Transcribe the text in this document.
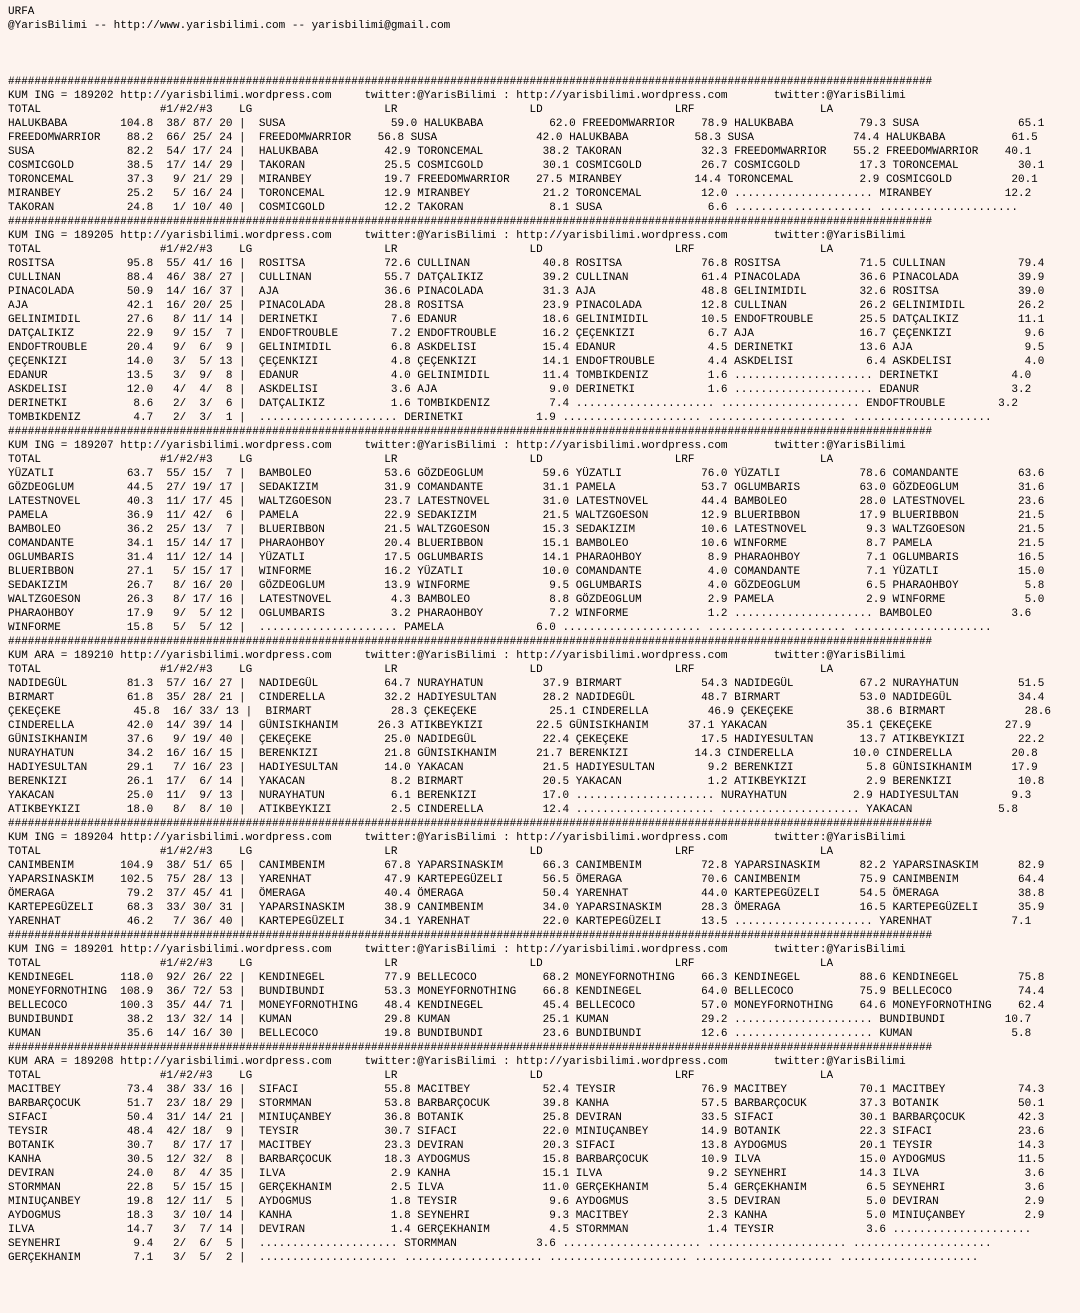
URFA
@YarisBilimi -- http://www.yarisbilimi.com -- yarisbilimi@gmail.com

############################################################################################################################################
KUM ING = 189202 http://yarisbilimi.wordpress.com     twitter:@YarisBilimi : http://yarisbilimi.wordpress.com       twitter:@YarisBilimi
TOTAL                  #1/#2/#3    LG                    LR                    LD                    LRF                   LA
HALUKBABA        104.8  38/ 87/ 20 |  SUSA                59.0 HALUKBABA          62.0 FREEDOMWARRIOR    78.9 HALUKBABA          79.3 SUSA               65.1
FREEDOMWARRIOR    88.2  66/ 25/ 24 |  FREEDOMWARRIOR    56.8 SUSA               42.0 HALUKBABA          58.3 SUSA               74.4 HALUKBABA          61.5
SUSA              82.2  54/ 17/ 24 |  HALUKBABA          42.9 TORONCEMAL         38.2 TAKORAN            32.3 FREEDOMWARRIOR    55.2 FREEDOMWARRIOR    40.1
COSMICGOLD        38.5  17/ 14/ 29 |  TAKORAN            25.5 COSMICGOLD         30.1 COSMICGOLD         26.7 COSMICGOLD         17.3 TORONCEMAL         30.1
TORONCEMAL        37.3   9/ 21/ 29 |  MIRANBEY           19.7 FREEDOMWARRIOR    27.5 MIRANBEY           14.4 TORONCEMAL          2.9 COSMICGOLD         20.1
MIRANBEY          25.2   5/ 16/ 24 |  TORONCEMAL         12.9 MIRANBEY           21.2 TORONCEMAL         12.0 ..................... MIRANBEY           12.2
TAKORAN           24.8   1/ 10/ 40 |  COSMICGOLD         12.2 TAKORAN             8.1 SUSA                6.6 ..................... .....................
############################################################################################################################################
KUM ING = 189205 http://yarisbilimi.wordpress.com     twitter:@YarisBilimi : http://yarisbilimi.wordpress.com       twitter:@YarisBilimi
TOTAL                  #1/#2/#3    LG                    LR                    LD                    LRF                   LA
ROSITSA           95.8  55/ 41/ 16 |  ROSITSA            72.6 CULLINAN           40.8 ROSITSA            76.8 ROSITSA            71.5 CULLINAN           79.4
CULLINAN          88.4  46/ 38/ 27 |  CULLINAN           55.7 DATÇALIKIZ         39.2 CULLINAN           61.4 PINACOLADA         36.6 PINACOLADA         39.9
PINACOLADA        50.9  14/ 16/ 37 |  AJA                36.6 PINACOLADA         31.3 AJA                48.8 GELINIMIDIL        32.6 ROSITSA            39.0
AJA               42.1  16/ 20/ 25 |  PINACOLADA         28.8 ROSITSA            23.9 PINACOLADA         12.8 CULLINAN           26.2 GELINIMIDIL        26.2
GELINIMIDIL       27.6   8/ 11/ 14 |  DERINETKI           7.6 EDANUR             18.6 GELINIMIDIL        10.5 ENDOFTROUBLE       25.5 DATÇALIKIZ         11.1
DATÇALIKIZ        22.9   9/ 15/  7 |  ENDOFTROUBLE        7.2 ENDOFTROUBLE       16.2 ÇEÇENKIZI           6.7 AJA                16.7 ÇEÇENKIZI           9.6
ENDOFTROUBLE      20.4   9/  6/  9 |  GELINIMIDIL         6.8 ASKDELISI          15.4 EDANUR              4.5 DERINETKI          13.6 AJA                 9.5
ÇEÇENKIZI         14.0   3/  5/ 13 |  ÇEÇENKIZI           4.8 ÇEÇENKIZI          14.1 ENDOFTROUBLE        4.4 ASKDELISI           6.4 ASKDELISI           4.0
EDANUR            13.5   3/  9/  8 |  EDANUR              4.0 GELINIMIDIL        11.4 TOMBIKDENIZ         1.6 ..................... DERINETKI           4.0
ASKDELISI         12.0   4/  4/  8 |  ASKDELISI           3.6 AJA                 9.0 DERINETKI           1.6 ..................... EDANUR              3.2
DERINETKI          8.6   2/  3/  6 |  DATÇALIKIZ          1.6 TOMBIKDENIZ         7.4 ..................... ..................... ENDOFTROUBLE        3.2
TOMBIKDENIZ        4.7   2/  3/  1 |  ..................... DERINETKI           1.9 ..................... ..................... .....................
############################################################################################################################################
KUM ING = 189207 http://yarisbilimi.wordpress.com     twitter:@YarisBilimi : http://yarisbilimi.wordpress.com       twitter:@YarisBilimi
TOTAL                  #1/#2/#3    LG                    LR                    LD                    LRF                   LA
YÜZATLI           63.7  55/ 15/  7 |  BAMBOLEO           53.6 GÖZDEOGLUM         59.6 YÜZATLI            76.0 YÜZATLI            78.6 COMANDANTE         63.6
GÖZDEOGLUM        44.5  27/ 19/ 17 |  SEDAKIZIM          31.9 COMANDANTE         31.1 PAMELA             53.7 OGLUMBARIS         63.0 GÖZDEOGLUM         31.6
LATESTNOVEL       40.3  11/ 17/ 45 |  WALTZGOESON        23.7 LATESTNOVEL        31.0 LATESTNOVEL        44.4 BAMBOLEO           28.0 LATESTNOVEL        23.6
PAMELA            36.9  11/ 42/  6 |  PAMELA             22.9 SEDAKIZIM          21.5 WALTZGOESON        12.9 BLUERIBBON         17.9 BLUERIBBON         21.5
BAMBOLEO          36.2  25/ 13/  7 |  BLUERIBBON         21.5 WALTZGOESON        15.3 SEDAKIZIM          10.6 LATESTNOVEL         9.3 WALTZGOESON        21.5
COMANDANTE        34.1  15/ 14/ 17 |  PHARAOHBOY         20.4 BLUERIBBON         15.1 BAMBOLEO           10.6 WINFORME            8.7 PAMELA             21.5
OGLUMBARIS        31.4  11/ 12/ 14 |  YÜZATLI            17.5 OGLUMBARIS         14.1 PHARAOHBOY          8.9 PHARAOHBOY          7.1 OGLUMBARIS         16.5
BLUERIBBON        27.1   5/ 15/ 17 |  WINFORME           16.2 YÜZATLI            10.0 COMANDANTE          4.0 COMANDANTE          7.1 YÜZATLI            15.0
SEDAKIZIM         26.7   8/ 16/ 20 |  GÖZDEOGLUM         13.9 WINFORME            9.5 OGLUMBARIS          4.0 GÖZDEOGLUM          6.5 PHARAOHBOY          5.8
WALTZGOESON       26.3   8/ 17/ 16 |  LATESTNOVEL         4.3 BAMBOLEO            8.8 GÖZDEOGLUM          2.9 PAMELA              2.9 WINFORME            5.0
PHARAOHBOY        17.9   9/  5/ 12 |  OGLUMBARIS          3.2 PHARAOHBOY          7.2 WINFORME            1.2 ..................... BAMBOLEO            3.6
WINFORME          15.8   5/  5/ 12 |  ..................... PAMELA              6.0 ..................... ..................... .....................
############################################################################################################################################
KUM ARA = 189210 http://yarisbilimi.wordpress.com     twitter:@YarisBilimi : http://yarisbilimi.wordpress.com       twitter:@YarisBilimi
TOTAL                  #1/#2/#3    LG                    LR                    LD                    LRF                   LA
NADIDEGÜL         81.3  57/ 16/ 27 |  NADIDEGÜL          64.7 NURAYHATUN         37.9 BIRMART            54.3 NADIDEGÜL          67.2 NURAYHATUN         51.5
BIRMART           61.8  35/ 28/ 21 |  CINDERELLA         32.2 HADIYESULTAN       28.2 NADIDEGÜL          48.7 BIRMART            53.0 NADIDEGÜL          34.4
ÇEKEÇEKE           45.8  16/ 33/ 13 |  BIRMART            28.3 ÇEKEÇEKE           25.1 CINDERELLA         46.9 ÇEKEÇEKE           38.6 BIRMART            28.6
CINDERELLA        42.0  14/ 39/ 14 |  GÜNISIKHANIM      26.3 ATIKBEYKIZI        22.5 GÜNISIKHANIM      37.1 YAKACAN            35.1 ÇEKEÇEKE           27.9
GÜNISIKHANIM      37.6   9/ 19/ 40 |  ÇEKEÇEKE           25.0 NADIDEGÜL          22.4 ÇEKEÇEKE           17.5 HADIYESULTAN       13.7 ATIKBEYKIZI        22.2
NURAYHATUN        34.2  16/ 16/ 15 |  BERENKIZI          21.8 GÜNISIKHANIM      21.7 BERENKIZI          14.3 CINDERELLA         10.0 CINDERELLA         20.8
HADIYESULTAN      29.1   7/ 16/ 23 |  HADIYESULTAN       14.0 YAKACAN            21.5 HADIYESULTAN        9.2 BERENKIZI           5.8 GÜNISIKHANIM      17.9
BERENKIZI         26.1  17/  6/ 14 |  YAKACAN             8.2 BIRMART            20.5 YAKACAN             1.2 ATIKBEYKIZI         2.9 BERENKIZI          10.8
YAKACAN           25.0  11/  9/ 13 |  NURAYHATUN          6.1 BERENKIZI          17.0 ..................... NURAYHATUN          2.9 HADIYESULTAN        9.3
ATIKBEYKIZI       18.0   8/  8/ 10 |  ATIKBEYKIZI         2.5 CINDERELLA         12.4 ..................... ..................... YAKACAN             5.8
############################################################################################################################################
KUM ING = 189204 http://yarisbilimi.wordpress.com     twitter:@YarisBilimi : http://yarisbilimi.wordpress.com       twitter:@YarisBilimi
TOTAL                  #1/#2/#3    LG                    LR                    LD                    LRF                   LA
CANIMBENIM       104.9  38/ 51/ 65 |  CANIMBENIM         67.8 YAPARSINASKIM      66.3 CANIMBENIM         72.8 YAPARSINASKIM      82.2 YAPARSINASKIM      82.9
YAPARSINASKIM    102.5  75/ 28/ 13 |  YARENHAT           47.9 KARTEPEGÜZELI      56.5 ÖMERAGA            70.6 CANIMBENIM         75.9 CANIMBENIM         64.4
ÖMERAGA           79.2  37/ 45/ 41 |  ÖMERAGA            40.4 ÖMERAGA            50.4 YARENHAT           44.0 KARTEPEGÜZELI      54.5 ÖMERAGA            38.8
KARTEPEGÜZELI     68.3  33/ 30/ 31 |  YAPARSINASKIM      38.9 CANIMBENIM         34.0 YAPARSINASKIM      28.3 ÖMERAGA            16.5 KARTEPEGÜZELI      35.9
YARENHAT          46.2   7/ 36/ 40 |  KARTEPEGÜZELI      34.1 YARENHAT           22.0 KARTEPEGÜZELI      13.5 ..................... YARENHAT            7.1
############################################################################################################################################
KUM ING = 189201 http://yarisbilimi.wordpress.com     twitter:@YarisBilimi : http://yarisbilimi.wordpress.com       twitter:@YarisBilimi
TOTAL                  #1/#2/#3    LG                    LR                    LD                    LRF                   LA
KENDINEGEL       118.0  92/ 26/ 22 |  KENDINEGEL         77.9 BELLECOCO          68.2 MONEYFORNOTHING    66.3 KENDINEGEL         88.6 KENDINEGEL         75.8
MONEYFORNOTHING  108.9  36/ 72/ 53 |  BUNDIBUNDI         53.3 MONEYFORNOTHING    66.8 KENDINEGEL         64.0 BELLECOCO          75.9 BELLECOCO          74.4
BELLECOCO        100.3  35/ 44/ 71 |  MONEYFORNOTHING    48.4 KENDINEGEL         45.4 BELLECOCO          57.0 MONEYFORNOTHING    64.6 MONEYFORNOTHING    62.4
BUNDIBUNDI        38.2  13/ 32/ 14 |  KUMAN              29.8 KUMAN              25.1 KUMAN              29.2 ..................... BUNDIBUNDI         10.7
KUMAN             35.6  14/ 16/ 30 |  BELLECOCO          19.8 BUNDIBUNDI         23.6 BUNDIBUNDI         12.6 ..................... KUMAN               5.8
############################################################################################################################################
KUM ARA = 189208 http://yarisbilimi.wordpress.com     twitter:@YarisBilimi : http://yarisbilimi.wordpress.com       twitter:@YarisBilimi
TOTAL                  #1/#2/#3    LG                    LR                    LD                    LRF                   LA
MACITBEY          73.4  38/ 33/ 16 |  SIFACI             55.8 MACITBEY           52.4 TEYSIR             76.9 MACITBEY           70.1 MACITBEY           74.3
BARBARÇOCUK       51.7  23/ 18/ 29 |  STORMMAN           53.8 BARBARÇOCUK        39.8 KANHA              57.5 BARBARÇOCUK        37.3 BOTANIK            50.1
SIFACI            50.4  31/ 14/ 21 |  MINIUÇANBEY        36.8 BOTANIK            25.8 DEVIRAN            33.5 SIFACI             30.1 BARBARÇOCUK        42.3
TEYSIR            48.4  42/ 18/  9 |  TEYSIR             30.7 SIFACI             22.0 MINIUÇANBEY        14.9 BOTANIK            22.3 SIFACI             23.6
BOTANIK           30.7   8/ 17/ 17 |  MACITBEY           23.3 DEVIRAN            20.3 SIFACI             13.8 AYDOGMUS           20.1 TEYSIR             14.3
KANHA             30.5  12/ 32/  8 |  BARBARÇOCUK        18.3 AYDOGMUS           15.8 BARBARÇOCUK        10.9 ILVA               15.0 AYDOGMUS           11.5
DEVIRAN           24.0   8/  4/ 35 |  ILVA                2.9 KANHA              15.1 ILVA                9.2 SEYNEHRI           14.3 ILVA                3.6
STORMMAN          22.8   5/ 15/ 15 |  GERÇEKHANIM         2.5 ILVA               11.0 GERÇEKHANIM         5.4 GERÇEKHANIM         6.5 SEYNEHRI            3.6
MINIUÇANBEY       19.8  12/ 11/  5 |  AYDOGMUS            1.8 TEYSIR              9.6 AYDOGMUS            3.5 DEVIRAN             5.0 DEVIRAN             2.9
AYDOGMUS          18.3   3/ 10/ 14 |  KANHA               1.8 SEYNEHRI            9.3 MACITBEY            2.3 KANHA               5.0 MINIUÇANBEY         2.9
ILVA              14.7   3/  7/ 14 |  DEVIRAN             1.4 GERÇEKHANIM         4.5 STORMMAN            1.4 TEYSIR              3.6 .....................
SEYNEHRI           9.4   2/  6/  5 |  ..................... STORMMAN            3.6 ..................... ..................... .....................
GERÇEKHANIM        7.1   3/  5/  2 |  ..................... ..................... ..................... ..................... .....................
